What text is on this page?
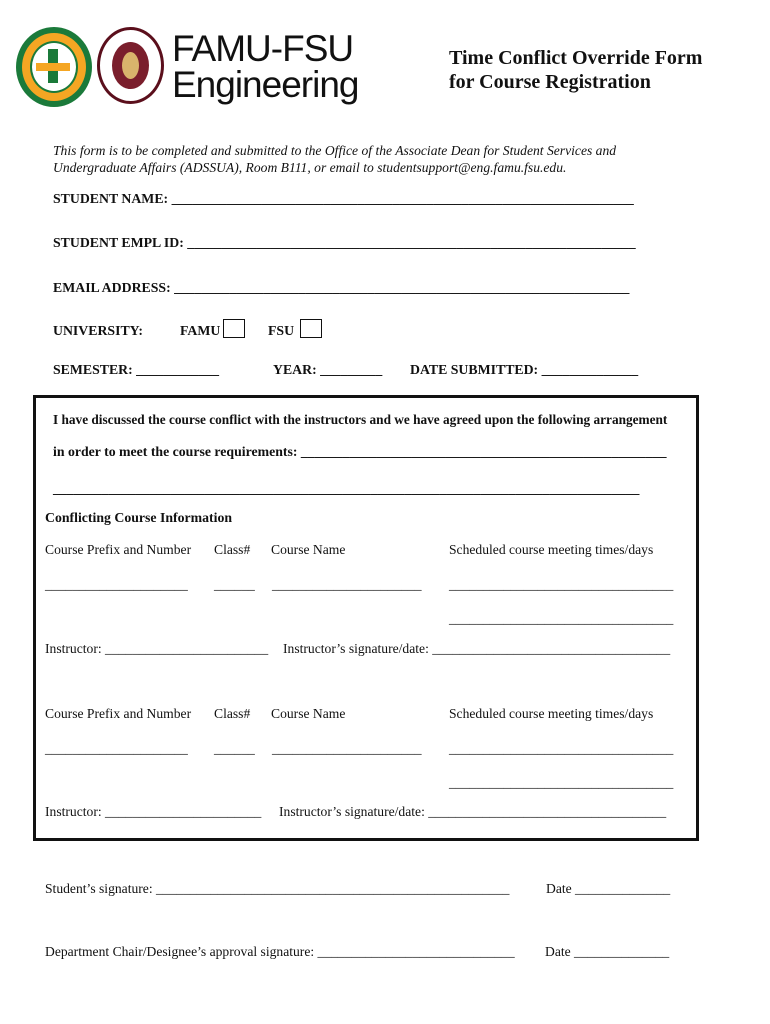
FAMU-FSU
Engineering
Time Conflict Override Form
for Course Registration
This form is to be completed and submitted to the Office of the Associate Dean for Student Services and
Undergraduate Affairs (ADSSUA), Room B111, or email to studentsupport@eng.famu.fsu.edu.
STUDENT NAME: ___________________________________________________________________
STUDENT EMPL ID: _________________________________________________________________
EMAIL ADDRESS: __________________________________________________________________
UNIVERSITY:	FAMU	FSU
SEMESTER: ____________	YEAR: _________ DATE SUBMITTED: ______________
I have discussed the course conflict with the instructors and we have agreed upon the following arrangement
in order to meet the course requirements: _____________________________________________________
_____________________________________________________________________________________
Conflicting Course Information
Course Prefix and Number Class# Course Name	Scheduled course meeting times/days
_____________________ ______ ______________________ _________________________________
_________________________________
Instructor: ________________________ Instructor’s signature/date: ___________________________________
Course Prefix and Number Class# Course Name	Scheduled course meeting times/days
_____________________ ______ ______________________ _________________________________
_________________________________
Instructor: _______________________ Instructor’s signature/date: ___________________________________
Student’s signature: ____________________________________________________	Date ______________
Department Chair/Designee’s approval signature: _____________________________ Date ______________
